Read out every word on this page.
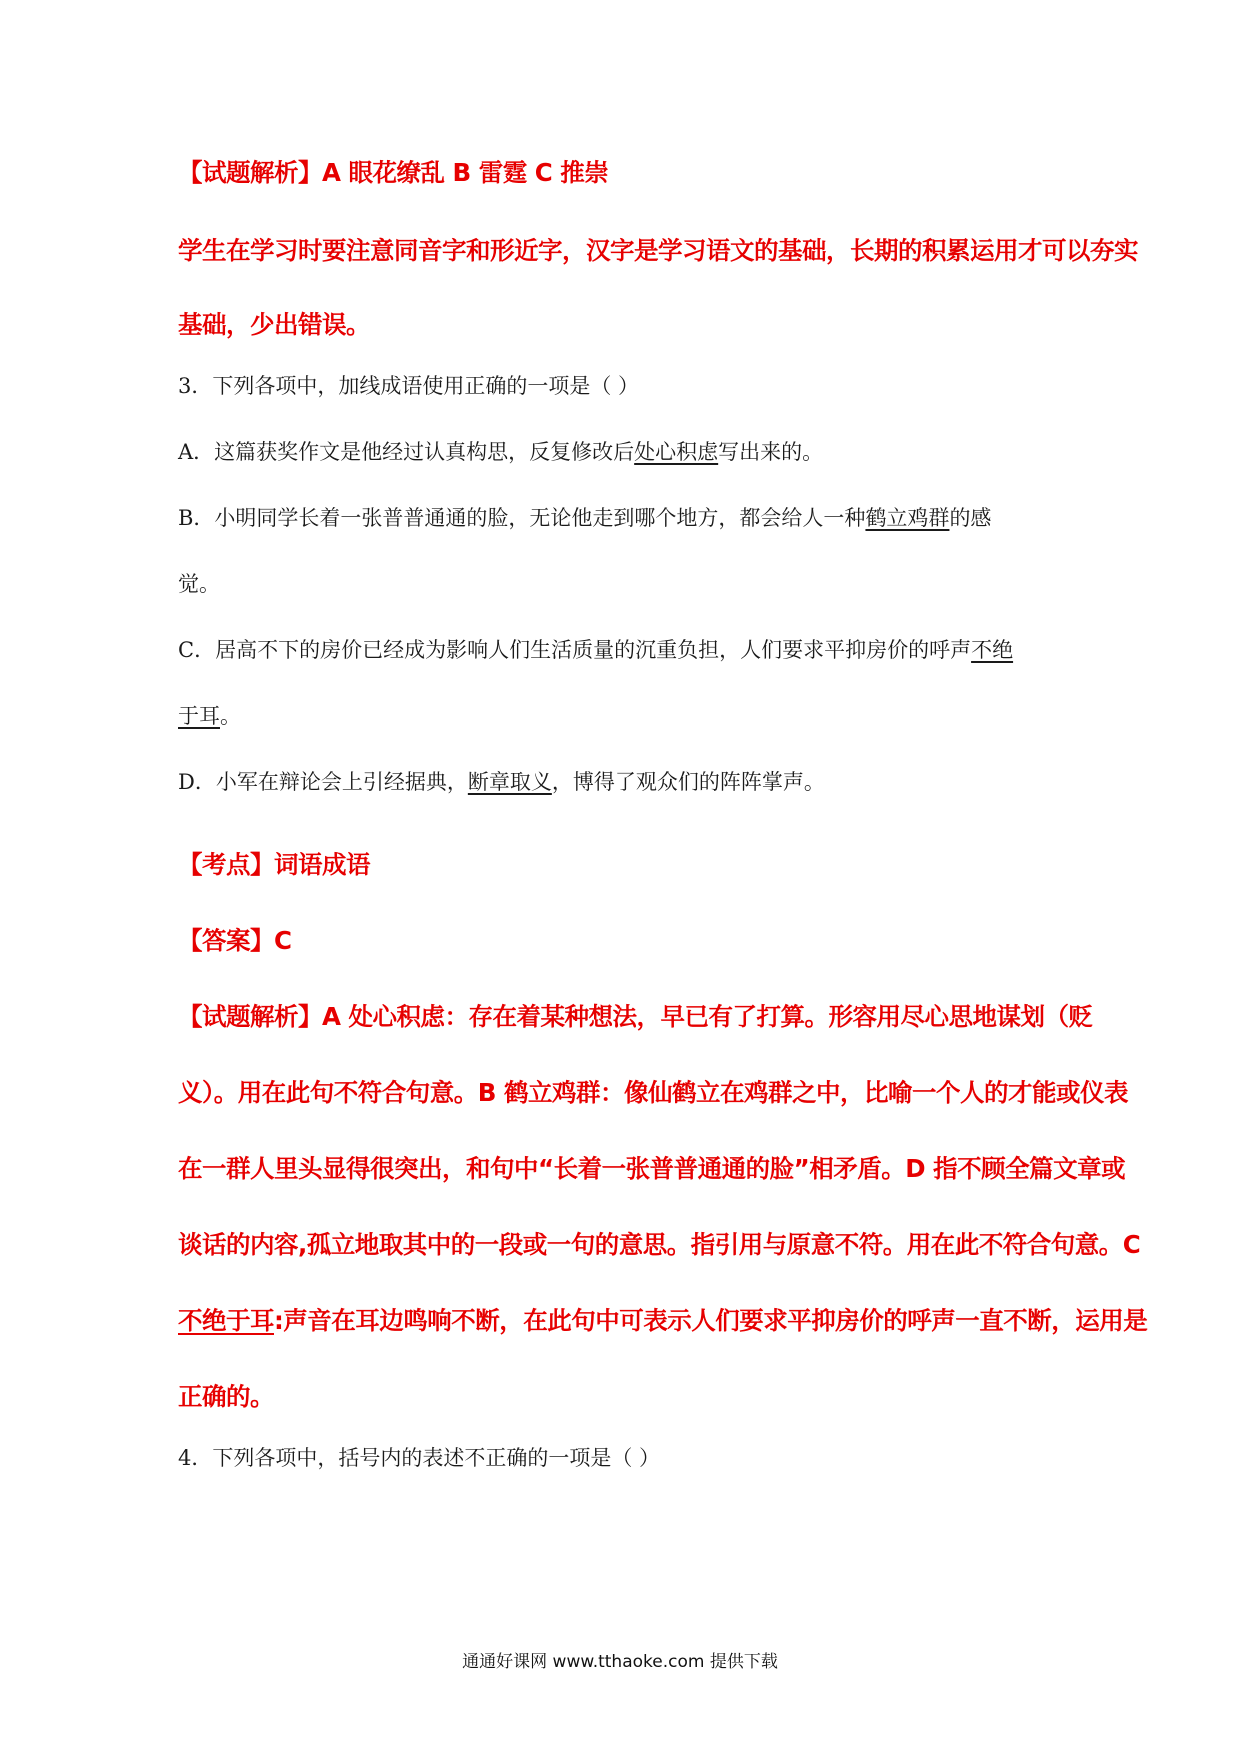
【试题解析】A 眼花缭乱 B 雷霆 C 推崇
学生在学习时要注意同音字和形近字，汉字是学习语文的基础，长期的积累运用才可以夯实
基础，少出错误。
3．下列各项中，加线成语使用正确的一项是（ ）
A．这篇获奖作文是他经过认真构思，反复修改后处心积虑写出来的。
B．小明同学长着一张普普通通的脸，无论他走到哪个地方，都会给人一种鹤立鸡群的感
觉。
C．居高不下的房价已经成为影响人们生活质量的沉重负担，人们要求平抑房价的呼声不绝
于耳。
D．小军在辩论会上引经据典，断章取义，博得了观众们的阵阵掌声。
【考点】词语成语
【答案】C
【试题解析】A 处心积虑：存在着某种想法，早已有了打算。形容用尽心思地谋划（贬
义）。用在此句不符合句意。B 鹤立鸡群：像仙鹤立在鸡群之中，比喻一个人的才能或仪表
在一群人里头显得很突出，和句中“长着一张普普通通的脸”相矛盾。D 指不顾全篇文章或
谈话的内容,孤立地取其中的一段或一句的意思。指引用与原意不符。用在此不符合句意。C
不绝于耳:声音在耳边鸣响不断，在此句中可表示人们要求平抑房价的呼声一直不断，运用是
正确的。
4．下列各项中，括号内的表述不正确的一项是（ ）
通通好课网 www.tthaoke.com 提供下载
